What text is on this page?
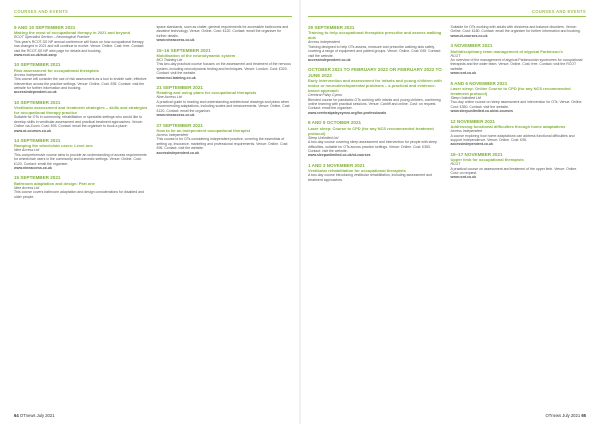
COURSES AND EVENTS
9 AND 10 SEPTEMBER 2021
Making the most of occupational therapy in 2021 and beyond
RCOT Specialist Section – Neurological Practice
This year's RCOT-SS NP annual conference will focus on how occupational therapy has changed in 2021 and will continue to evolve. Venue: Online. Cost: free. Contact: visit the RCOT-SS NP web page for details and booking.
www.rcot.co.uk/rcot-ssnp
10 SEPTEMBER 2021
Risk assessment for occupational therapists
Access Independent
This course will consider the use of risk assessment as a tool to enable safe, effective intervention across the practice settings. Venue: Online. Cost: £95. Contact: visit the website for further information and booking.
accessindependent.co.uk
10 SEPTEMBER 2021
Vestibular assessment and treatment strategies – skills and strategies for occupational therapy practice
Suitable for OTs in community, rehabilitation or specialist settings who would like to develop skills in vestibular assessment and practical treatment approaches. Venue: Online via Zoom. Cost: £95. Contact: email the organiser to book a place.
www.ot-courses.co.uk
14 SEPTEMBER 2021
Ramping the wheelchair users: Level one
Nine Access Ltd
This comprehensive course aims to provide an understanding of access requirements for wheelchair users in the community and domestic settings. Venue: Online. Cost: £120. Contact: email the organiser.
www.nineaccess.co.uk
15 SEPTEMBER 2021
Bathroom adaptation and design: Part one
Nine Access Ltd
This course covers bathroom adaptation and design considerations for disabled and older people.
space standards, such as clutter, general requirements for accessible bathrooms and assistive technology. Venue: Online. Cost: £120. Contact: email the organiser for further details.
www.nineaccess.co.uk
15–16 SEPTEMBER 2021
Mobilisation of the neurodynamic system
MCI Training Ltd
This two-day practical course focuses on the assessment and treatment of the nervous system, including neurodynamic testing and techniques. Venue: London. Cost: £320. Contact: visit the website.
www.mci-training.co.uk
21 SEPTEMBER 2021
Reading and using plans for occupational therapists
Nine Access Ltd
A practical guide to reading and understanding architectural drawings and plans when recommending adaptations, including scales and measurements. Venue: Online. Cost: £120. Contact: email the organiser.
www.nineaccess.co.uk
27 SEPTEMBER 2021
How to be an independent occupational therapist
Access Independent
This course is for OTs considering independent practice, covering the essentials of setting up, insurance, marketing and professional requirements. Venue: Online. Cost: £95. Contact: visit the website.
accessindependent.co.uk
64 OTnews July 2021
COURSES AND EVENTS
29 SEPTEMBER 2021
Training to help occupational therapists prescribe and assess walking aids
Access Independent
Training designed to help OTs assess, measure and prescribe walking aids safely, covering a range of equipment and patient groups. Venue: Online. Cost: £95. Contact: visit the website.
accessindependent.co.uk
OCTOBER 2021 TO FEBRUARY 2022 OR FEBRUARY 2022 TO JUNE 2022
Early intervention and assessment for infants and young children with motor or neurodevelopmental problems – a practical and evidence-based approach
Cerebral Palsy Cymru
Blended course for paediatric OTs working with infants and young children, combining online learning with practical sessions. Venue: Cardiff and online. Cost: on request. Contact: email the organiser.
www.cerebralpalsycymru.org/for-professionals
8 AND 9 OCTOBER 2021
Laser sleep: Course to CPD (for any NCS recommended treatment protocol)
Sleep Unlimited Ltd
A two-day course covering sleep assessment and intervention for people with sleep difficulties, suitable for OTs across practice settings. Venue: Online. Cost: £350. Contact: visit the website.
www.sleepunlimited.co.uk/ot-courses
1 AND 3 NOVEMBER 2021
Vestibular rehabilitation for occupational therapists
A two-day course introducing vestibular rehabilitation, including assessment and treatment approaches.
Suitable for OTs working with adults with dizziness and balance disorders. Venue: Online. Cost: £180. Contact: email the organiser for further information and booking.
www.ot-courses.co.uk
3 NOVEMBER 2021
Multidisciplinary team management of atypical Parkinson's
RCOT
An overview of the management of atypical Parkinsonian syndromes for occupational therapists and the wider team. Venue: Online. Cost: free. Contact: visit the RCOT website.
www.rcot.co.uk
5 AND 6 NOVEMBER 2021
Laser sleep: Online Course to CPD (for any NCS recommended treatment protocol)
Sleep Unlimited Ltd
Two-day online course on sleep assessment and intervention for OTs. Venue: Online. Cost: £350. Contact: visit the website.
www.sleepunlimited.co.uk/ot-courses
12 NOVEMBER 2021
Addressing functional difficulties through home adaptations
Access Independent
A course exploring how home adaptations can address functional difficulties and support independence. Venue: Online. Cost: £95.
accessindependent.co.uk
16–17 NOVEMBER 2021
Upper limb for occupational therapists
RCOT
A practical course on assessment and treatment of the upper limb. Venue: Online. Cost: on request.
www.rcot.co.uk
OTnews July 2021 65
